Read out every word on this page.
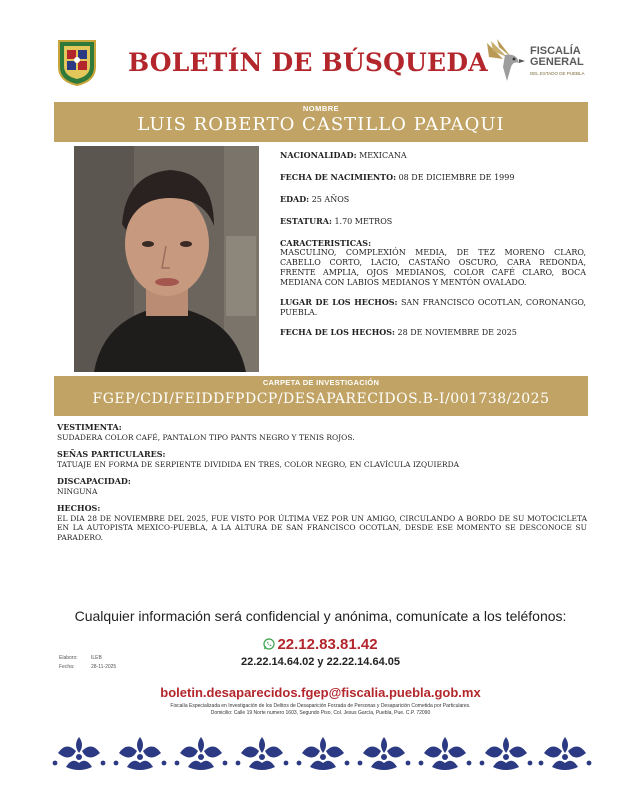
BOLETÍN DE BÚSQUEDA	FISCALÍA
GENERAL
DEL ESTADO DE PUEBLA
NOMBRE
LUIS ROBERTO CASTILLO PAPAQUI
NACIONALIDAD: MEXICANA
FECHA DE NACIMIENTO: 08 DE DICIEMBRE DE 1999
EDAD: 25 AÑOS
ESTATURA: 1.70 METROS
CARACTERISTICAS:
MASCULINO, COMPLEXIÓN MEDIA, DE TEZ MORENO CLARO, CABELLO CORTO, LACIO, CASTAÑO OSCURO, CARA REDONDA, FRENTE AMPLIA, OJOS MEDIANOS, COLOR CAFÉ CLARO, BOCA MEDIANA CON LABIOS MEDIANOS Y MENTÓN OVALADO.
LUGAR DE LOS HECHOS: SAN FRANCISCO OCOTLAN, CORONANGO, PUEBLA.
FECHA DE LOS HECHOS: 28 DE NOVIEMBRE DE 2025
CARPETA DE INVESTIGACIÓN
FGEP/CDI/FEIDDFPDCP/DESAPARECIDOS.B-I/001738/2025
VESTIMENTA:
SUDADERA COLOR CAFÉ, PANTALON TIPO PANTS NEGRO Y TENIS ROJOS.
SEÑAS PARTICULARES:
TATUAJE EN FORMA DE SERPIENTE DIVIDIDA EN TRES, COLOR NEGRO, EN CLAVÍCULA IZQUIERDA
DISCAPACIDAD:
NINGUNA
HECHOS:
EL DIA 28 DE NOVIEMBRE DEL 2025, FUE VISTO POR ÚLTIMA VEZ POR UN AMIGO, CIRCULANDO A BORDO DE SU MOTOCICLETA EN LA AUTOPISTA MEXICO-PUEBLA, A LA ALTURA DE SAN FRANCISCO OCOTLAN, DESDE ESE MOMENTO SE DESCONOCE SU PARADERO.
Cualquier información será confidencial y anónima, comunícate a los teléfonos:
22.12.83.81.42
22.22.14.64.02 y 22.22.14.64.05
Elaboro:	ILEB
Fecha:	28-11-2025
boletin.desaparecidos.fgep@fiscalia.puebla.gob.mx
Fiscalía Especializada en Investigación de los Delitos de Desaparición Forzada de Personas y Desaparición Cometida por Particulares.
Domicilio: Calle 19 Norte numero 1603, Segundo Piso, Col. Jesus García, Puebla, Pue. C.P. 72090
